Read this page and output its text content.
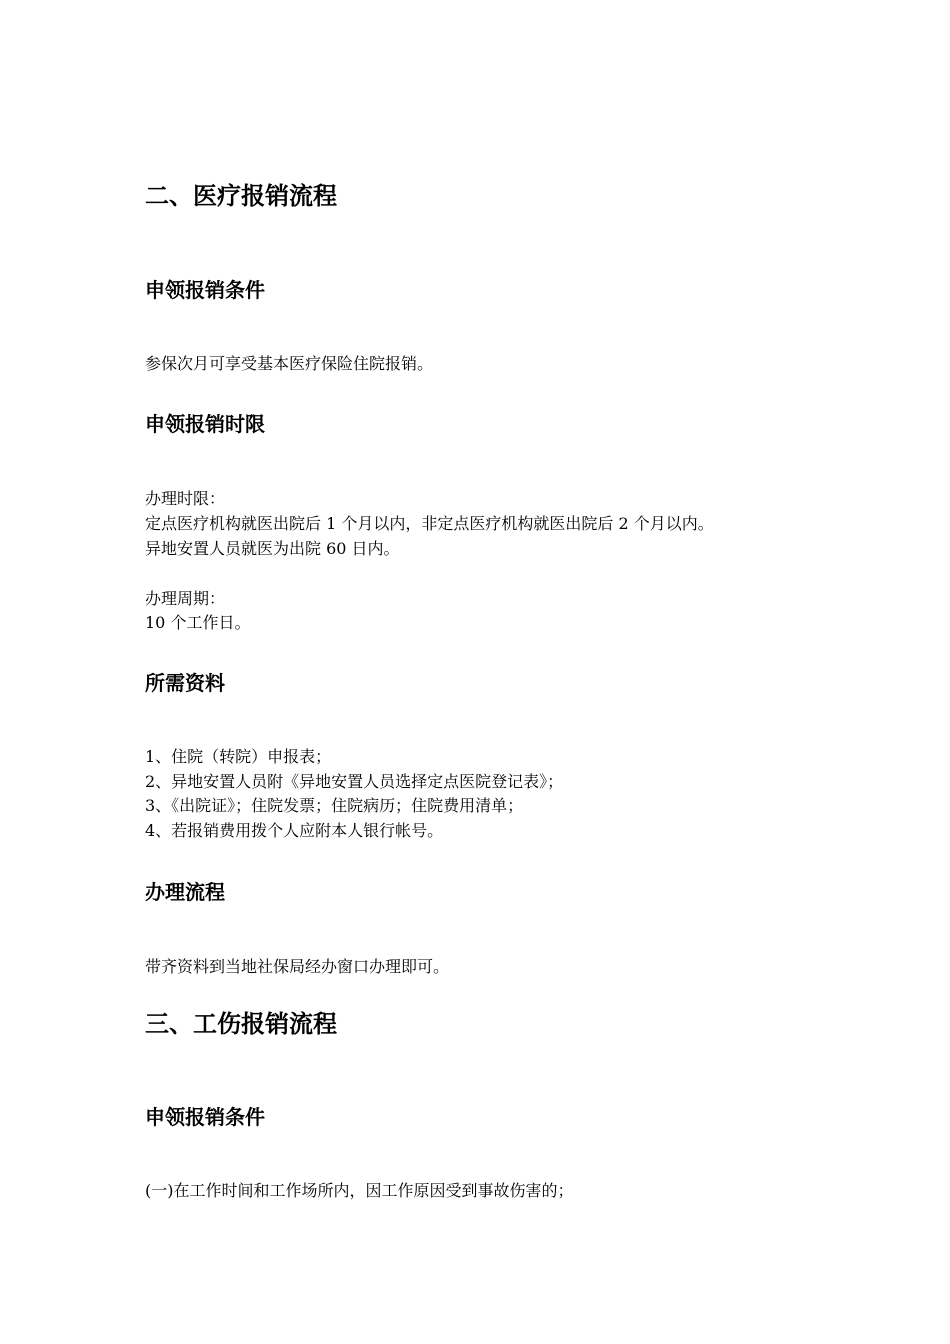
二、医疗报销流程
申领报销条件
参保次月可享受基本医疗保险住院报销。
申领报销时限
办理时限：
定点医疗机构就医出院后 1 个月以内，非定点医疗机构就医出院后 2 个月以内。
异地安置人员就医为出院 60 日内。
办理周期：
10 个工作日。
所需资料
1、住院（转院）申报表；
2、异地安置人员附《异地安置人员选择定点医院登记表》；
3、《出院证》；住院发票；住院病历；住院费用清单；
4、若报销费用拨个人应附本人银行帐号。
办理流程
带齐资料到当地社保局经办窗口办理即可。
三、工伤报销流程
申领报销条件
(一)在工作时间和工作场所内，因工作原因受到事故伤害的；
